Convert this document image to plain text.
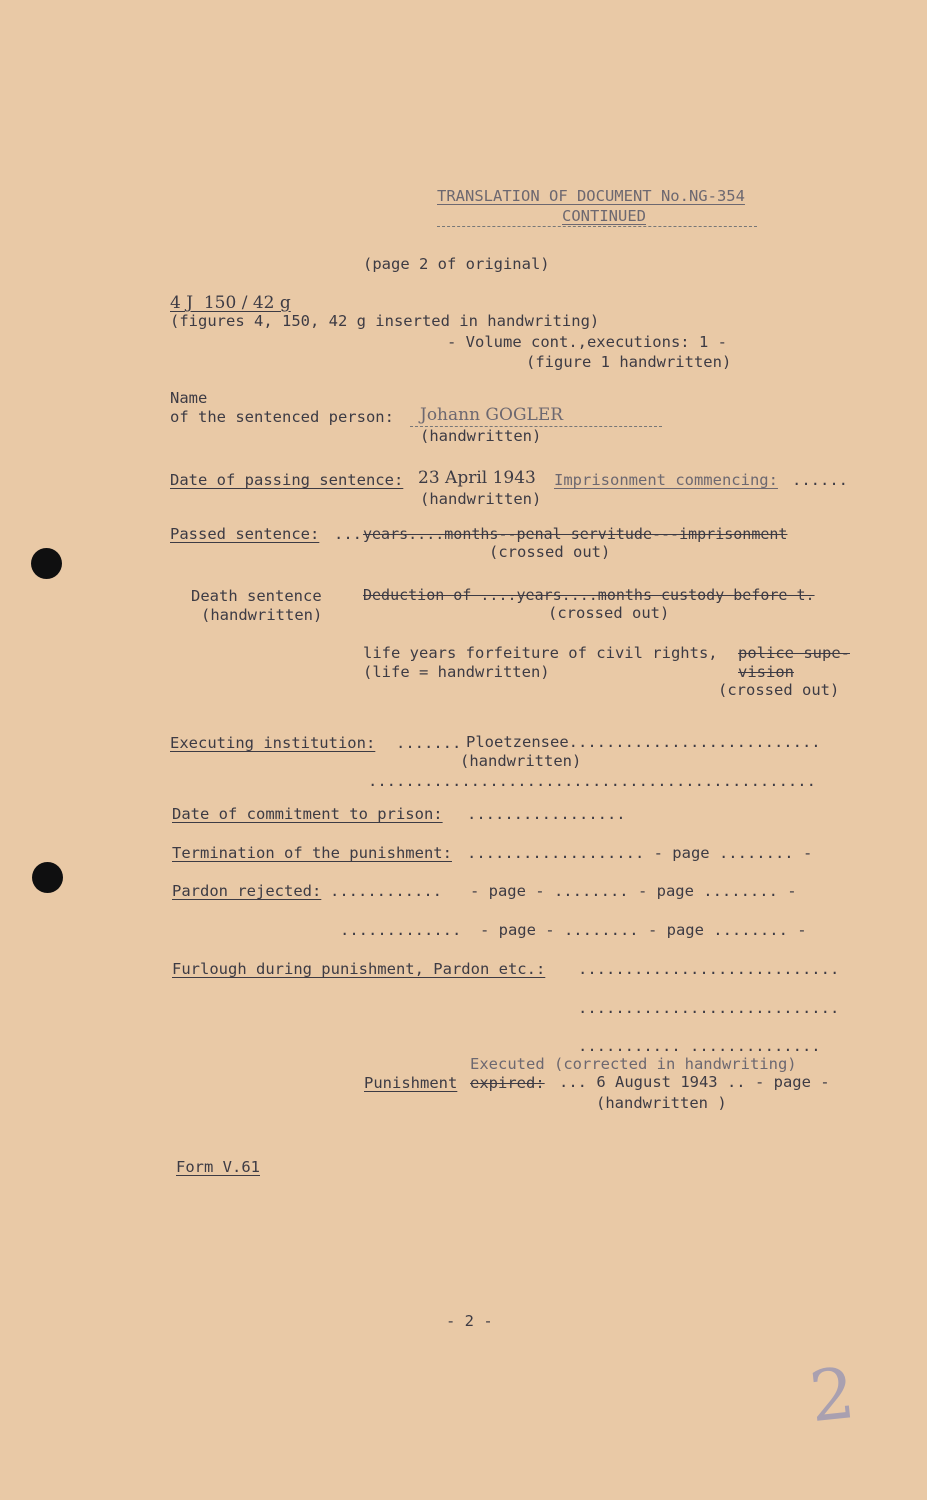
TRANSLATION OF DOCUMENT No.NG-354
CONTINUED
(page 2 of original)
4 J  150 / 42 g
(figures 4, 150, 42 g inserted in handwriting)
- Volume cont.,executions: 1 -
(figure 1 handwritten)
Name
of the sentenced person: Johann GOGLER
(handwritten)
Date of passing sentence: 23 April 1943 Imprisonment commencing: ......
(handwritten)
Passed sentence: ... years....months--penal servitude---imprisonment
(crossed out)
Death sentence
(handwritten)
Deduction of ....years....months custody before t.
(crossed out)
life years forfeiture of civil rights, police supe-
(life = handwritten)	vision
(crossed out)
Executing institution: ....... Ploetzensee...........................
(handwritten)
................................................
Date of commitment to prison: .................
Termination of the punishment: ................... - page ........ -
Pardon rejected: ............   - page - ........ - page ........ -
.............  - page - ........ - page ........ -
Furlough during punishment, Pardon etc.: ............................
............................
........... ..............
Executed (corrected in handwriting)
Punishment expired: ... 6 August 1943 .. - page -
(handwritten )
Form V.61
- 2 -
2
